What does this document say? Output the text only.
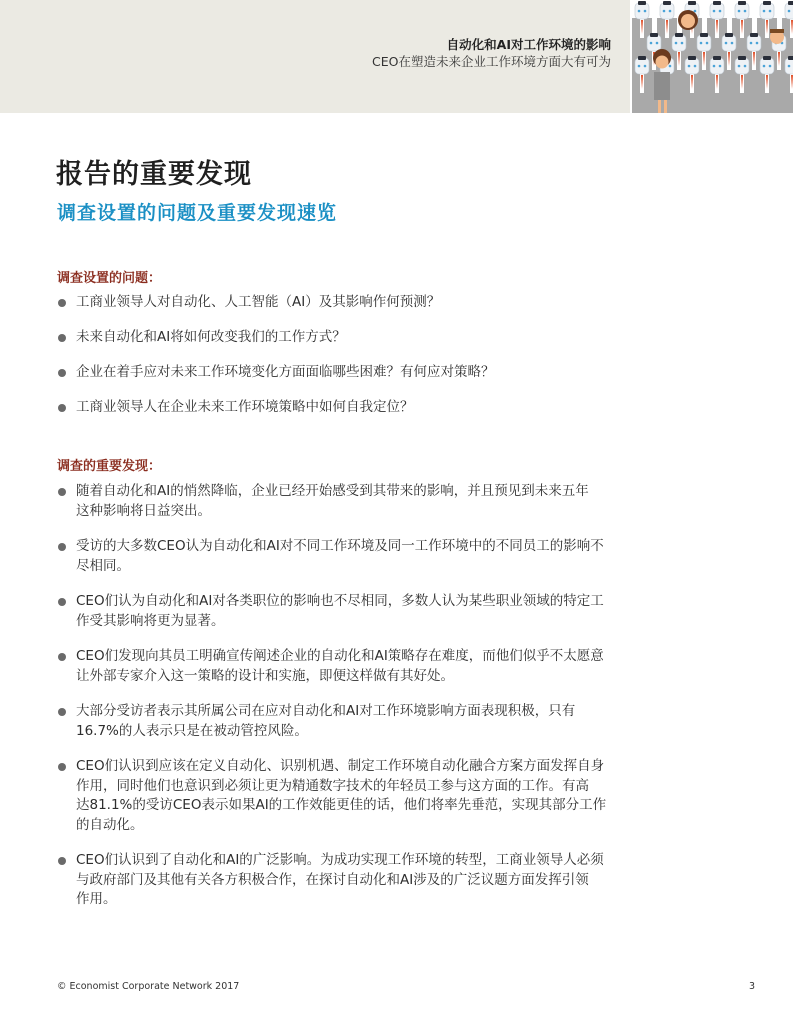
自动化和AI对工作环境的影响
CEO在塑造未来企业工作环境方面大有可为
报告的重要发现
调查设置的问题及重要发现速览
调查设置的问题：
工商业领导人对自动化、人工智能（AI）及其影响作何预测？
未来自动化和AI将如何改变我们的工作方式？
企业在着手应对未来工作环境变化方面面临哪些困难？有何应对策略？
工商业领导人在企业未来工作环境策略中如何自我定位？
调查的重要发现：
随着自动化和AI的悄然降临，企业已经开始感受到其带来的影响，并且预见到未来五年
这种影响将日益突出。
受访的大多数CEO认为自动化和AI对不同工作环境及同一工作环境中的不同员工的影响不
尽相同。
CEO们认为自动化和AI对各类职位的影响也不尽相同，多数人认为某些职业领域的特定工
作受其影响将更为显著。
CEO们发现向其员工明确宣传阐述企业的自动化和AI策略存在难度，而他们似乎不太愿意
让外部专家介入这一策略的设计和实施，即便这样做有其好处。
大部分受访者表示其所属公司在应对自动化和AI对工作环境影响方面表现积极，只有
16.7%的人表示只是在被动管控风险。
CEO们认识到应该在定义自动化、识别机遇、制定工作环境自动化融合方案方面发挥自身
作用，同时他们也意识到必须让更为精通数字技术的年轻员工参与这方面的工作。有高
达81.1%的受访CEO表示如果AI的工作效能更佳的话，他们将率先垂范，实现其部分工作
的自动化。
CEO们认识到了自动化和AI的广泛影响。为成功实现工作环境的转型，工商业领导人必须
与政府部门及其他有关各方积极合作，在探讨自动化和AI涉及的广泛议题方面发挥引领
作用。
© Economist Corporate Network 2017	3
